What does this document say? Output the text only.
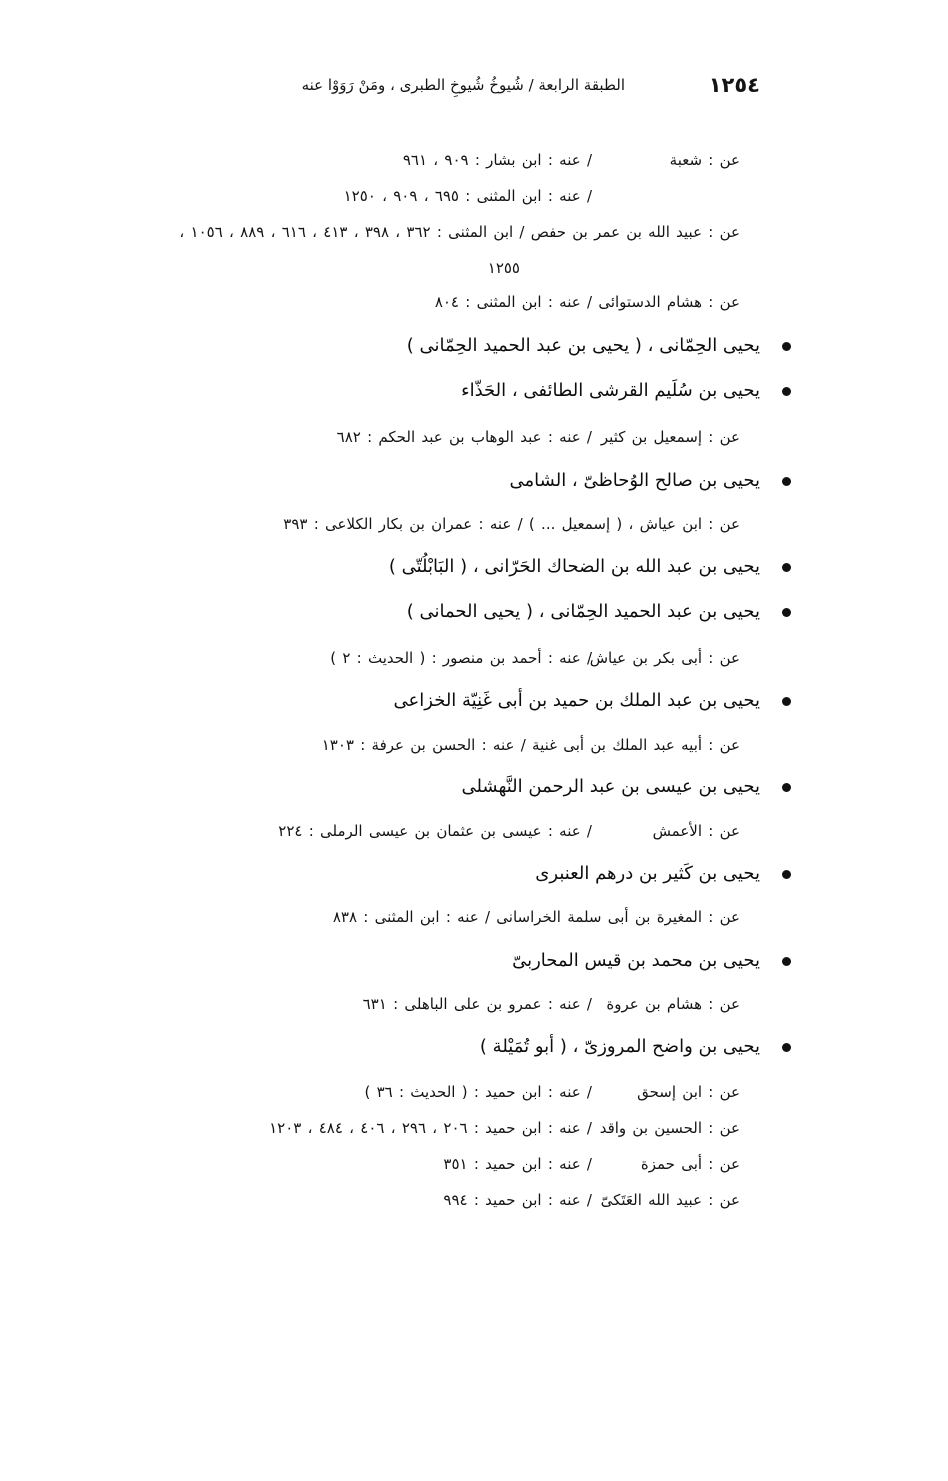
١٢٥٤
الطبقة الرابعة / شُيوخُ شُيوخِ الطبرى ، ومَنْ رَوَوْا عنه
عن : شعبة
/ عنه : ابن بشار : ٩٠٩ ، ٩٦١
/ عنه : ابن المثنى : ٦٩٥ ، ٩٠٩ ، ١٢٥٠
عن : عبيد الله بن عمر بن حفص / ابن المثنى : ٣٦٢ ، ٣٩٨ ، ٤١٣ ، ٦١٦ ، ٨٨٩ ، ١٠٥٦ ،
١٢٥٥
عن : هشام الدستوائى
/ عنه : ابن المثنى : ٨٠٤
يحيى الحِمّانى ، ( يحيى بن عبد الحميد الحِمّانى )
يحيى بن سُلَيم القرشى الطائفى ، الحَذّاء
عن : إسمعيل بن كثير
/ عنه : عبد الوهاب بن عبد الحكم : ٦٨٢
يحيى بن صالح الوُحاظىّ ، الشامى
عن : ابن عياش ، ( إسمعيل ... ) / عنه : عمران بن بكار الكلاعى : ٣٩٣
يحيى بن عبد الله بن الضحاك الحَرّانى ، ( البَابْلُتّى )
يحيى بن عبد الحميد الحِمّانى ، ( يحيى الحمانى )
عن : أبى بكر بن عياش
/ عنه : أحمد بن منصور : ( الحديث : ٢ )
يحيى بن عبد الملك بن حميد بن أبى غَنِيّة الخزاعى
عن : أبيه عبد الملك بن أبى غنية / عنه : الحسن بن عرفة : ١٣٠٣
يحيى بن عيسى بن عبد الرحمن النَّهشلى
عن : الأعمش
/ عنه : عيسى بن عثمان بن عيسى الرملى : ٢٢٤
يحيى بن كَثير بن درهم العنبرى
عن : المغيرة بن أبى سلمة الخراسانى / عنه : ابن المثنى : ٨٣٨
يحيى بن محمد بن قيس المحاربىّ
عن : هشام بن عروة
/ عنه : عمرو بن على الباهلى : ٦٣١
يحيى بن واضح المروزىّ ، ( أبو تُمَيْلة )
عن : ابن إسحق
/ عنه : ابن حميد : ( الحديث : ٣٦ )
عن : الحسين بن واقد
/ عنه : ابن حميد : ٢٠٦ ، ٢٩٦ ، ٤٠٦ ، ٤٨٤ ، ١٢٠٣
عن : أبى حمزة
/ عنه : ابن حميد : ٣٥١
عن : عبيد الله العَتَكىّ
/ عنه : ابن حميد : ٩٩٤
